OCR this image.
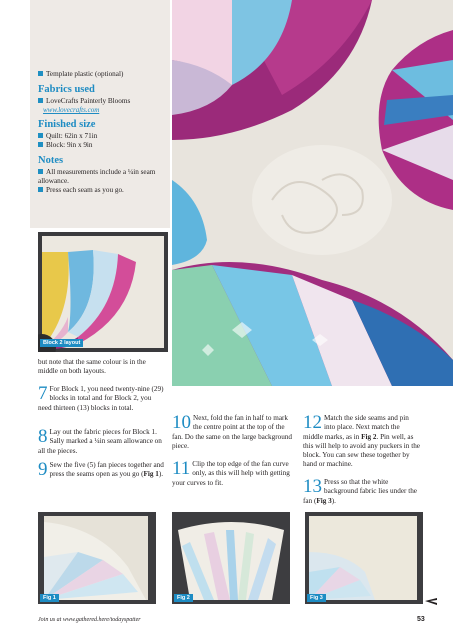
Template plastic (optional)
Fabrics used
LoveCrafts Painterly Blooms
www.lovecrafts.com
Finished size
Quilt: 62in x 71in
Block: 9in x 9in
Notes
All measurements include a ¼in seam allowance.
Press each seam as you go.
Block 2 layout
but note that the same colour is in the middle on both layouts.
7 For Block 1, you need twenty-nine (29) blocks in total and for Block 2, you need thirteen (13) blocks in total.
8 Lay out the fabric pieces for Block 1. Sally marked a ¼in seam allowance on all the pieces.
9 Sew the five (5) fan pieces together and press the seams open as you go (Fig 1).
10 Next, fold the fan in half to mark the centre point at the top of the fan. Do the same on the large background piece.
11 Clip the top edge of the fan curve only, as this will help with getting your curves to fit.
12 Match the side seams and pin into place. Next match the middle marks, as in Fig 2. Pin well, as this will help to avoid any puckers in the block. You can sew these together by hand or machine.
13 Press so that the white background fabric lies under the fan (Fig 3).
Fig 1	Fig 2	Fig 3
Join us at www.gathered.here/todayspatter	53
